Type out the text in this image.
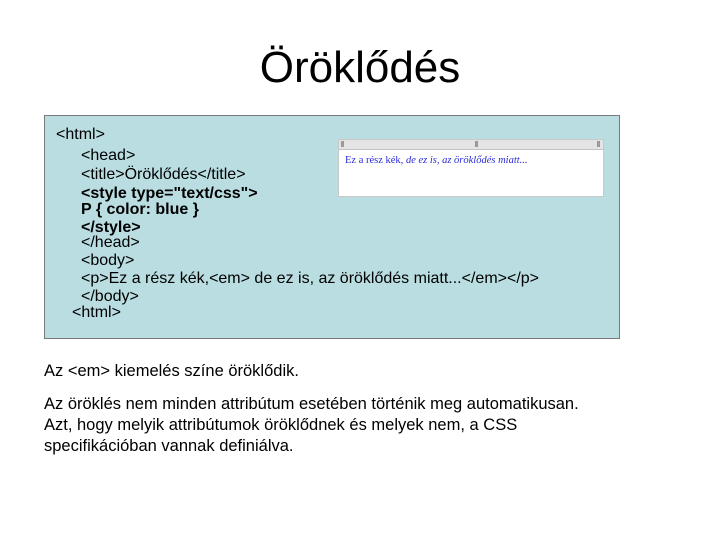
Öröklődés
<html>
<head>
<title>Öröklődés</title>
<style type="text/css">
P { color: blue }
</style>
</head>
<body>
<p>Ez a rész kék,<em> de ez is, az öröklődés miatt...</em></p>
</body>
<html>
Ez a rész kék, de ez is, az öröklődés miatt...
Az <em> kiemelés színe öröklődik.
Az öröklés nem minden attribútum esetében történik meg automatikusan.
Azt, hogy melyik attribútumok öröklődnek és melyek nem, a CSS
specifikációban vannak definiálva.
